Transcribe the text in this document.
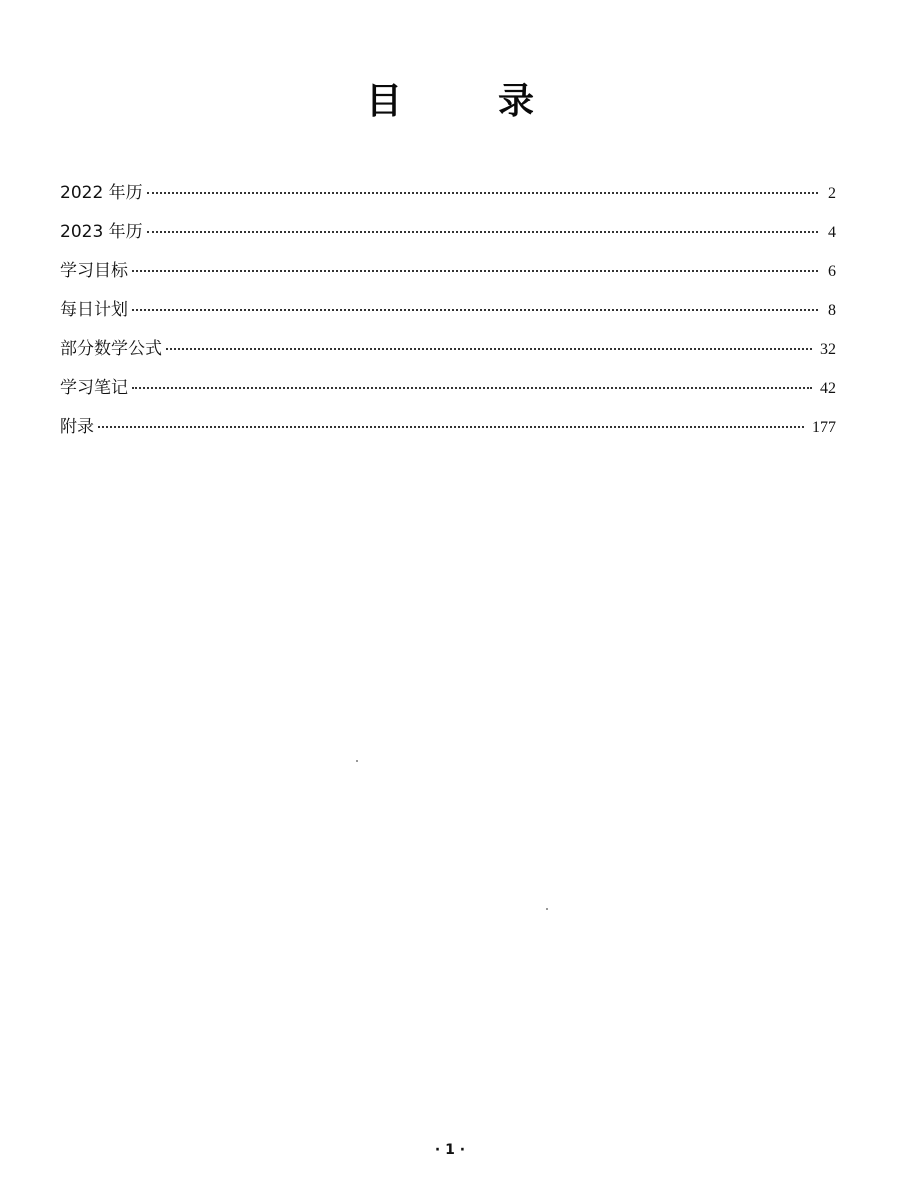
目　录
2022 年历	2
2023 年历	4
学习目标	6
每日计划	8
部分数学公式	32
学习笔记	42
附录	177
· 1 ·
